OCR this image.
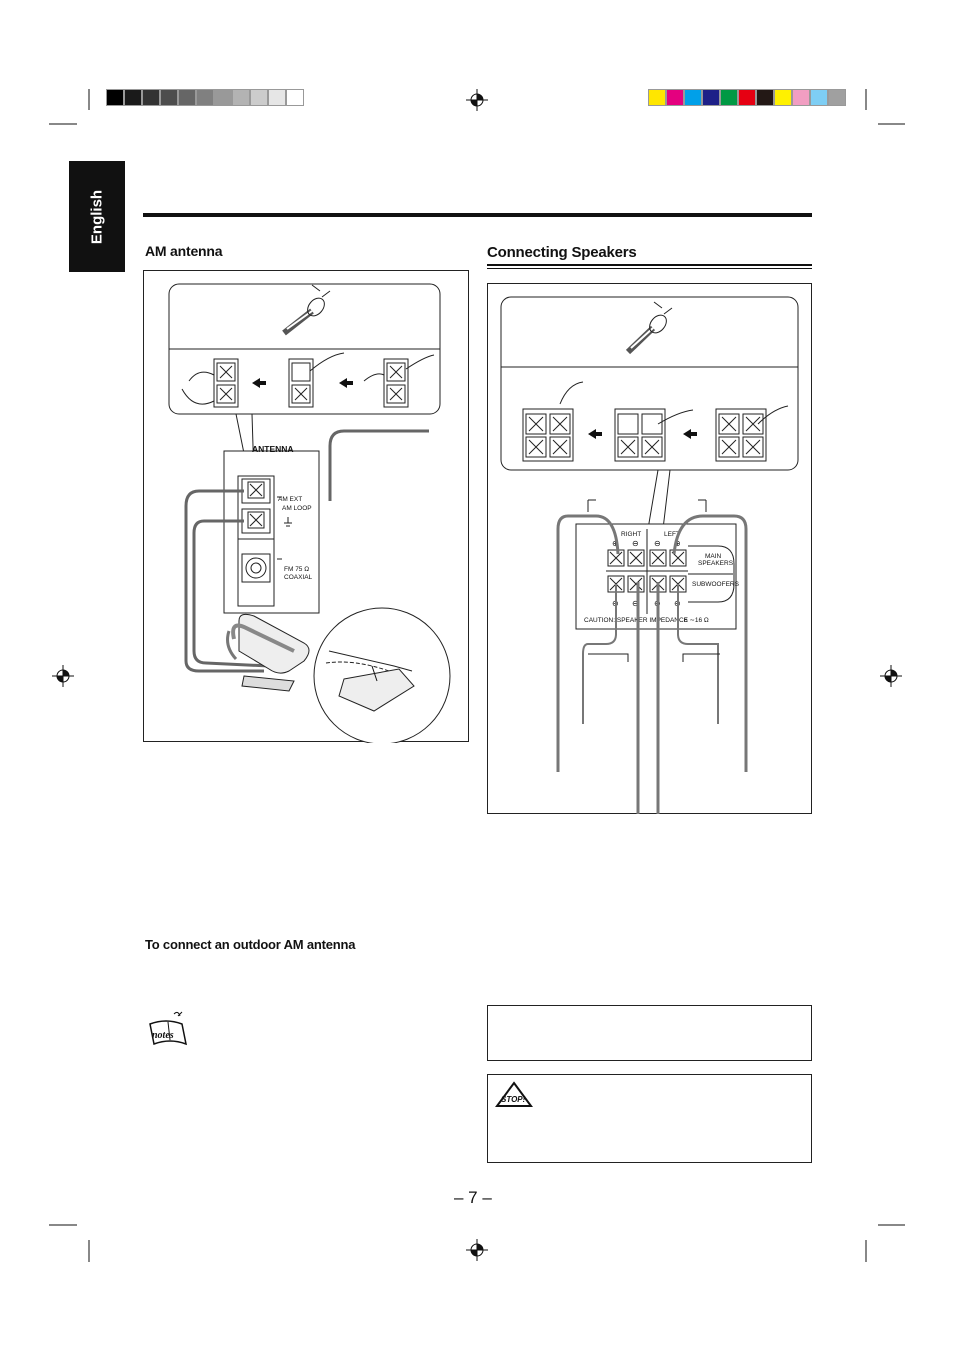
English
AM antenna	Connecting Speakers
ANTENNA
AM EXT
AM LOOP
FM 75 Ω
COAXIAL
RIGHT	LEFT
⊕ ⊖ ⊖ ⊕
⊕ ⊖ ⊖ ⊕
MAIN
SPEAKERS
SUBWOOFERS
CAUTION: SPEAKER IMPEDANCE
6 ∼16 Ω
To connect an outdoor AM antenna
notes
STOP!
– 7 –
